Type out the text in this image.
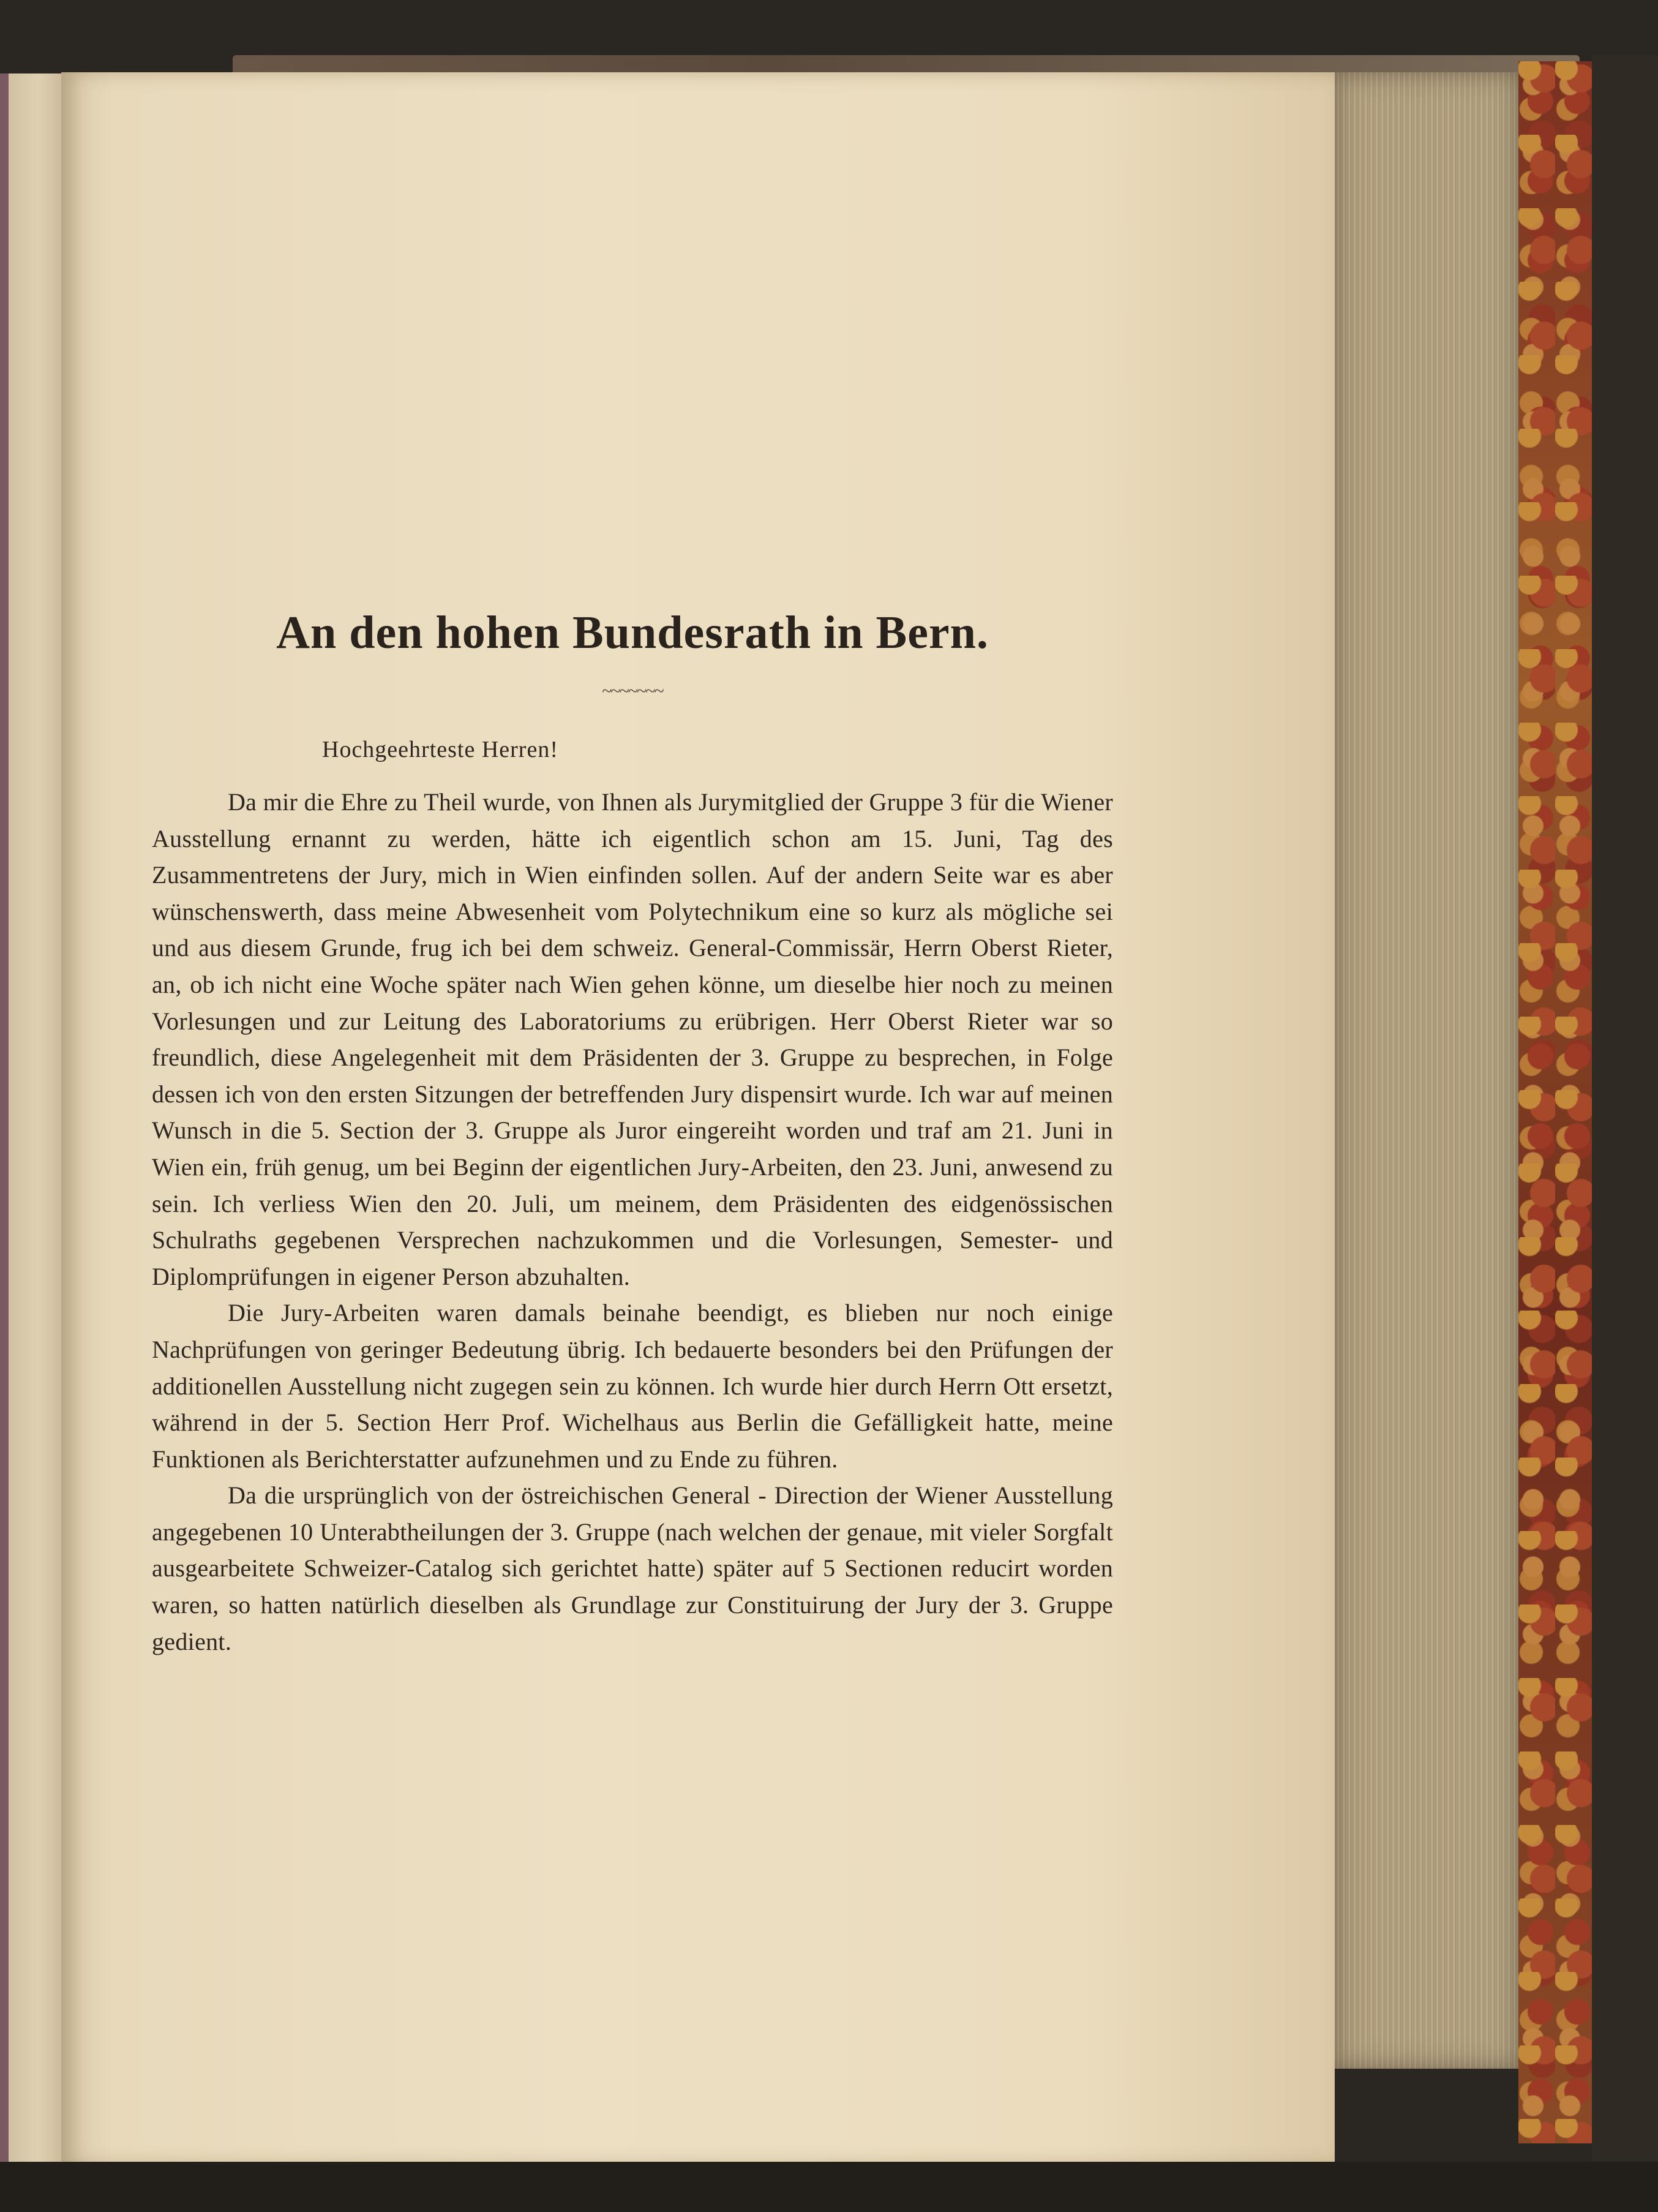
An den hohen Bundesrath in Bern.
~~~~~~~

Hochgeehrteste Herren!

Da mir die Ehre zu Theil wurde, von Ihnen als Jurymitglied der Gruppe 3 für die Wiener Ausstellung ernannt zu werden, hätte ich eigentlich schon am 15. Juni, Tag des Zusammentretens der Jury, mich in Wien einfinden sollen. Auf der andern Seite war es aber wünschenswerth, dass meine Abwesenheit vom Polytechnikum eine so kurz als mögliche sei und aus diesem Grunde, frug ich bei dem schweiz. General-Commissär, Herrn Oberst Rieter, an, ob ich nicht eine Woche später nach Wien gehen könne, um dieselbe hier noch zu meinen Vorlesungen und zur Leitung des Laboratoriums zu erübrigen. Herr Oberst Rieter war so freundlich, diese Angelegenheit mit dem Präsidenten der 3. Gruppe zu besprechen, in Folge dessen ich von den ersten Sitzungen der betreffenden Jury dispensirt wurde. Ich war auf meinen Wunsch in die 5. Section der 3. Gruppe als Juror eingereiht worden und traf am 21. Juni in Wien ein, früh genug, um bei Beginn der eigentlichen Jury-Arbeiten, den 23. Juni, anwesend zu sein. Ich verliess Wien den 20. Juli, um meinem, dem Präsidenten des eidgenössischen Schulraths gegebenen Versprechen nachzukommen und die Vorlesungen, Semester- und Diplomprüfungen in eigener Person abzuhalten.

Die Jury-Arbeiten waren damals beinahe beendigt, es blieben nur noch einige Nachprüfungen von geringer Bedeutung übrig. Ich bedauerte besonders bei den Prüfungen der additionellen Ausstellung nicht zugegen sein zu können. Ich wurde hier durch Herrn Ott ersetzt, während in der 5. Section Herr Prof. Wichelhaus aus Berlin die Gefälligkeit hatte, meine Funktionen als Berichterstatter aufzunehmen und zu Ende zu führen.

Da die ursprünglich von der östreichischen General - Direction der Wiener Ausstellung angegebenen 10 Unterabtheilungen der 3. Gruppe (nach welchen der genaue, mit vieler Sorgfalt ausgearbeitete Schweizer-Catalog sich gerichtet hatte) später auf 5 Sectionen reducirt worden waren, so hatten natürlich dieselben als Grundlage zur Constituirung der Jury der 3. Gruppe gedient.
